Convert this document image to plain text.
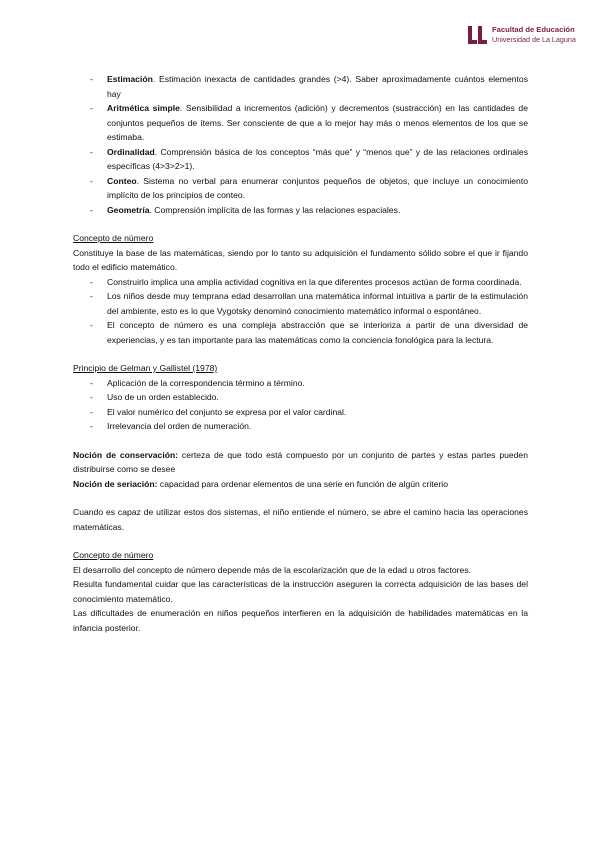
Facultad de Educación
Universidad de La Laguna
- Estimación. Estimación inexacta de cantidades grandes (>4). Saber aproximadamente cuántos elementos hay
- Aritmética simple. Sensibilidad a incrementos (adición) y decrementos (sustracción) en las cantidades de conjuntos pequeños de ítems. Ser consciente de que a lo mejor hay más o menos elementos de los que se estimaba.
- Ordinalidad. Comprensión básica de los conceptos “más que” y “menos que” y de las relaciones ordinales específicas (4>3>2>1).
- Conteo. Sistema no verbal para enumerar conjuntos pequeños de objetos, que incluye un conocimiento implícito de los principios de conteo.
- Geometría. Comprensión implícita de las formas y las relaciones espaciales.
Concepto de número

Constituye la base de las matemáticas, siendo por lo tanto su adquisición el fundamento sólido sobre el que ir fijando todo el edificio matemático.

- Construirlo implica una amplia actividad cognitiva en la que diferentes procesos actúan de forma coordinada.
- Los niños desde muy temprana edad desarrollan una matemática informal intuitiva a partir de la estimulación del ambiente, esto es lo que Vygotsky denominó conocimiento matemático informal o espontáneo.
- El concepto de número es una compleja abstracción que se interioriza a partir de una diversidad de experiencias, y es tan importante para las matemáticas como la conciencia fonológica para la lectura.
Principio de Gelman y Gallistel (1978)
- Aplicación de la correspondencia término a término.
- Uso de un orden establecido.
- El valor numérico del conjunto se expresa por el valor cardinal.
- Irrelevancia del orden de numeración.

Noción de conservación: certeza de que todo está compuesto por un conjunto de partes y estas partes pueden distribuirse como se desee

Noción de seriación: capacidad para ordenar elementos de una serie en función de algún criterio

Cuando es capaz de utilizar estos dos sistemas, el niño entiende el número, se abre el camino hacia las operaciones matemáticas.

Concepto de número

El desarrollo del concepto de número depende más de la escolarización que de la edad u otros factores.

Resulta fundamental cuidar que las características de la instrucción aseguren la correcta adquisición de las bases del conocimiento matemático.

Las dificultades de enumeración en niños pequeños interfieren en la adquisición de habilidades matemáticas en la infancia posterior.
